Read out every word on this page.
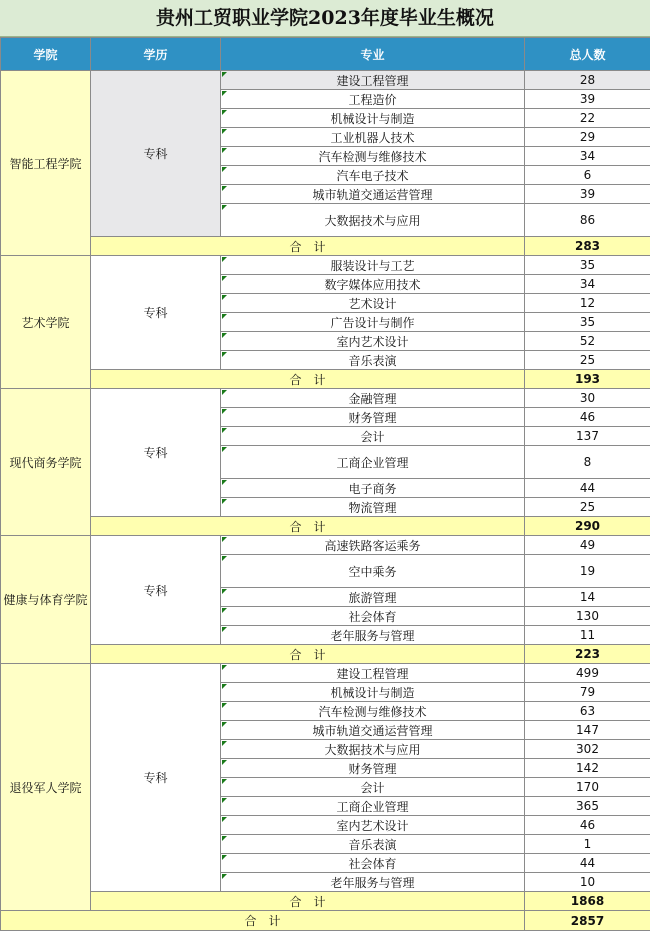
贵州工贸职业学院2023年度毕业生概况
学院	学历	专业	总人数
智能工程学院	专科	建设工程管理	28

工程造价	39

机械设计与制造	22

工业机器人技术	29

汽车检测与维修技术	34

汽车电子技术	6

城市轨道交通运营管理	39

大数据技术与应用	86
	合　计		283
艺术学院	专科	服装设计与工艺	35

数字媒体应用技术	34

艺术设计	12

广告设计与制作	35

室内艺术设计	52

音乐表演	25
	合　计		193
现代商务学院	专科	金融管理	30

财务管理	46

会计	137

工商企业管理	8

电子商务	44

物流管理	25
	合　计		290
健康与体育学院	专科	高速铁路客运乘务	49

空中乘务	19

旅游管理	14

社会体育	130

老年服务与管理	11
	合　计		223
退役军人学院	专科	建设工程管理	499

机械设计与制造	79

汽车检测与维修技术	63

城市轨道交通运营管理	147

大数据技术与应用	302

财务管理	142

会计	170

工商企业管理	365

室内艺术设计	46

音乐表演	1

社会体育	44

老年服务与管理	10
	合　计		1868
合　计			2857
